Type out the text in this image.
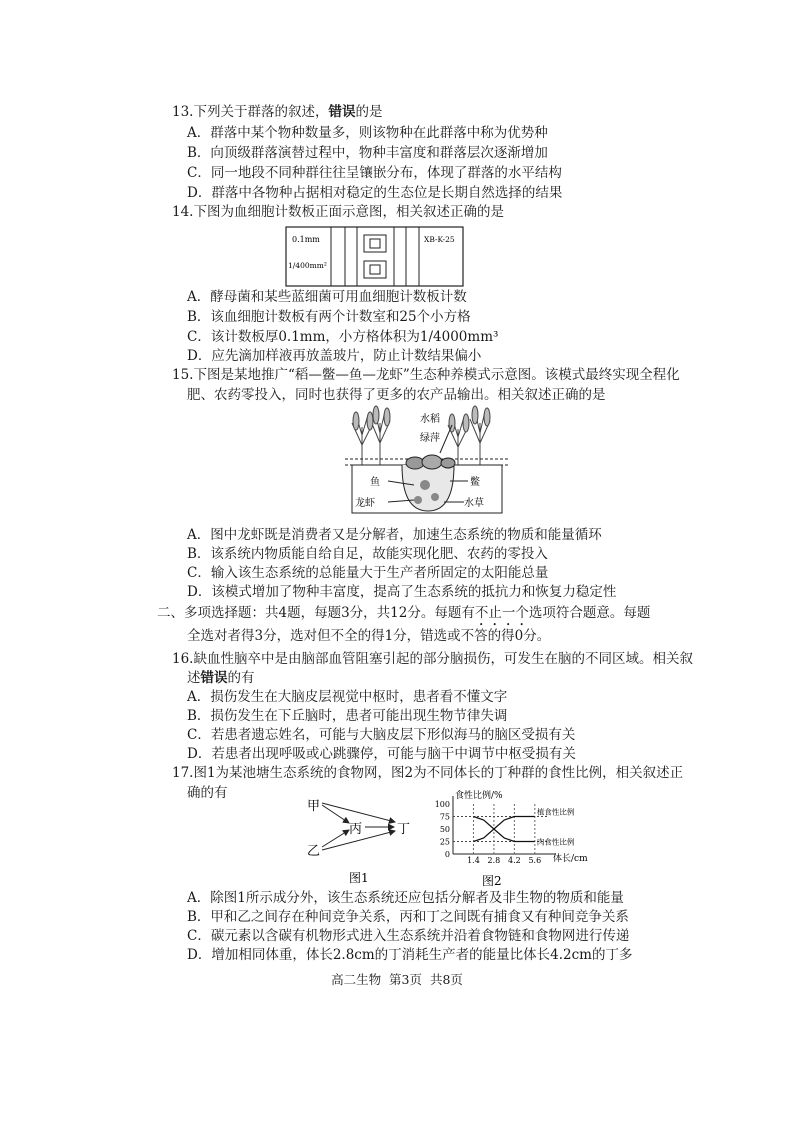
13.下列关于群落的叙述，错误的是
A．群落中某个物种数量多，则该物种在此群落中称为优势种
B．向顶级群落演替过程中，物种丰富度和群落层次逐渐增加
C．同一地段不同种群往往呈镶嵌分布，体现了群落的水平结构
D．群落中各物种占据相对稳定的生态位是长期自然选择的结果
14.下图为血细胞计数板正面示意图，相关叙述正确的是
0.1mm
1/400mm²
XB-K-25
A．酵母菌和某些蓝细菌可用血细胞计数板计数
B．该血细胞计数板有两个计数室和25个小方格
C．该计数板厚0.1mm，小方格体积为1/4000mm³
D．应先滴加样液再放盖玻片，防止计数结果偏小
15.下图是某地推广“稻—鳖—鱼—龙虾”生态种养模式示意图。该模式最终实现全程化
肥、农药零投入，同时也获得了更多的农产品输出。相关叙述正确的是
水稻
绿萍
鱼	鳖
龙虾	水草
A．图中龙虾既是消费者又是分解者，加速生态系统的物质和能量循环
B．该系统内物质能自给自足，故能实现化肥、农药的零投入
C．输入该生态系统的总能量大于生产者所固定的太阳能总量
D．该模式增加了物种丰富度，提高了生态系统的抵抗力和恢复力稳定性
二、多项选择题：共4题，每题3分，共12分。每题有不止一个选项符合题意。每题
全选对者得3分，选对但不全的得1分，错选或不答的得0分。
16.缺血性脑卒中是由脑部血管阻塞引起的部分脑损伤，可发生在脑的不同区域。相关叙
述错误的有
A．损伤发生在大脑皮层视觉中枢时，患者看不懂文字
B．损伤发生在下丘脑时，患者可能出现生物节律失调
C．若患者遗忘姓名，可能与大脑皮层下形似海马的脑区受损有关
D．若患者出现呼吸或心跳骤停，可能与脑干中调节中枢受损有关
17.图1为某池塘生态系统的食物网，图2为不同体长的丁种群的食性比例，相关叙述正
确的有
甲
乙
丙	丁
图1
食性比例/%
体长/cm
图2
0
25
50
75
100
1.4 2.8 4.2 5.6
植食性比例
肉食性比例
A．除图1所示成分外，该生态系统还应包括分解者及非生物的物质和能量
B．甲和乙之间存在种间竞争关系，丙和丁之间既有捕食又有种间竞争关系
C．碳元素以含碳有机物形式进入生态系统并沿着食物链和食物网进行传递
D．增加相同体重，体长2.8cm的丁消耗生产者的能量比体长4.2cm的丁多
高二生物 第3页 共8页
